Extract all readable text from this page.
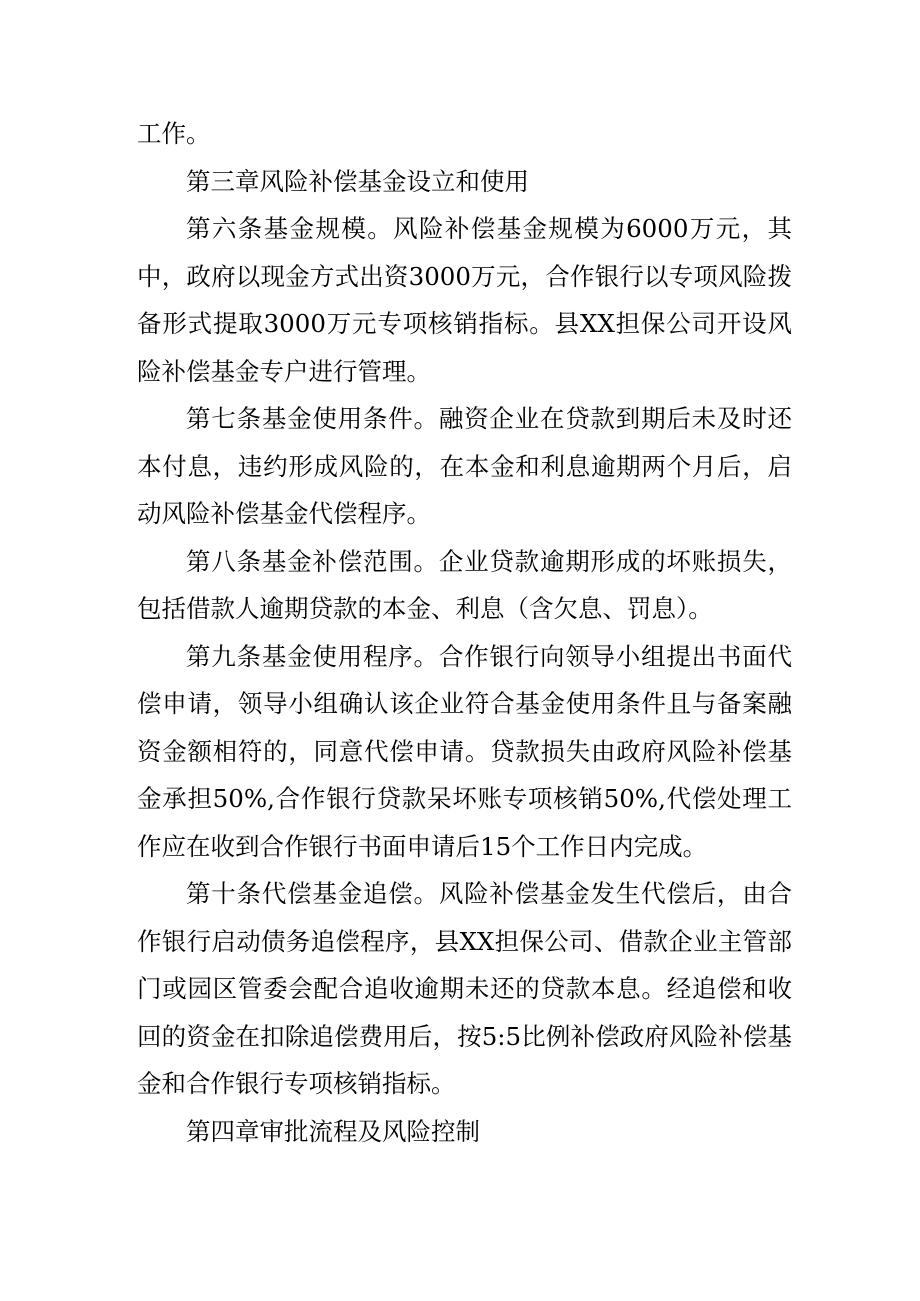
工作。

第三章风险补偿基金设立和使用

第六条基金规模。风险补偿基金规模为6000万元，其中，政府以现金方式出资3000万元，合作银行以专项风险拨备形式提取3000万元专项核销指标。县XX担保公司开设风险补偿基金专户进行管理。

第七条基金使用条件。融资企业在贷款到期后未及时还本付息，违约形成风险的，在本金和利息逾期两个月后，启动风险补偿基金代偿程序。

第八条基金补偿范围。企业贷款逾期形成的坏账损失，包括借款人逾期贷款的本金、利息（含欠息、罚息）。

第九条基金使用程序。合作银行向领导小组提出书面代偿申请，领导小组确认该企业符合基金使用条件且与备案融资金额相符的，同意代偿申请。贷款损失由政府风险补偿基金承担50%,合作银行贷款呆坏账专项核销50%,代偿处理工作应在收到合作银行书面申请后15个工作日内完成。

第十条代偿基金追偿。风险补偿基金发生代偿后，由合作银行启动债务追偿程序，县XX担保公司、借款企业主管部门或园区管委会配合追收逾期未还的贷款本息。经追偿和收回的资金在扣除追偿费用后，按5:5比例补偿政府风险补偿基金和合作银行专项核销指标。

第四章审批流程及风险控制
